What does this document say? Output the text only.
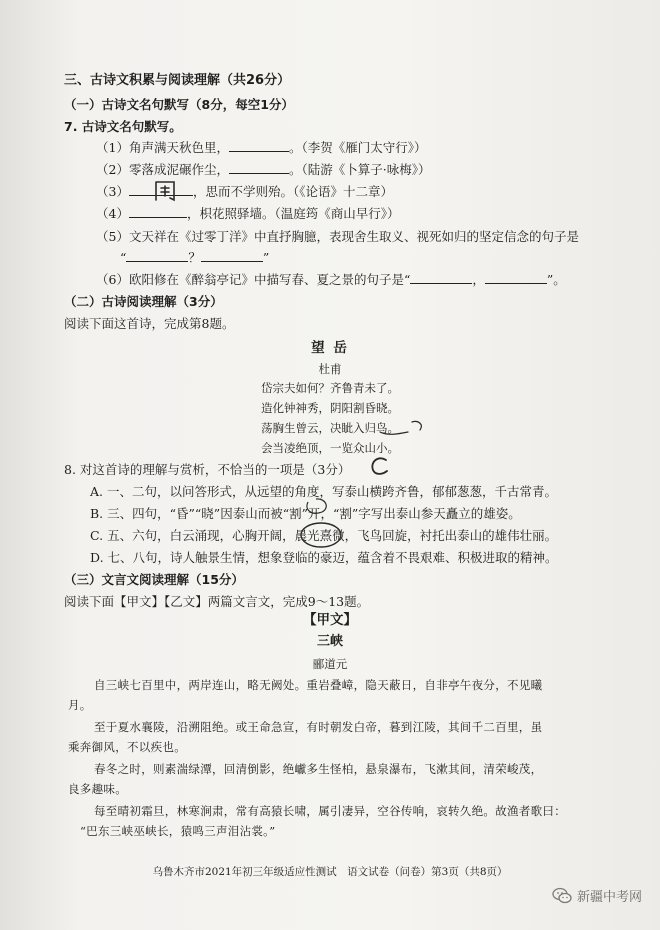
三、古诗文积累与阅读理解（共26分）
（一）古诗文名句默写（8分，每空1分）
7. 古诗文名句默写。
（1）角声满天秋色里，	。（李贺《雁门太守行》）
（2）零落成泥碾作尘，	。（陆游《卜算子·咏梅》）
（3）	，思而不学则殆。（《论语》十二章）
（4）	，枳花照驿墙。（温庭筠《商山早行》）
（5）文天祥在《过零丁洋》中直抒胸臆，表现舍生取义、视死如归的坚定信念的句子是
“	？	”
（6）欧阳修在《醉翁亭记》中描写春、夏之景的句子是“	，	”。
（二）古诗阅读理解（3分）
阅读下面这首诗，完成第8题。
望 岳
杜甫
岱宗夫如何？齐鲁青未了。
造化钟神秀，阴阳割昏晓。
荡胸生曾云，决眦入归鸟。
会当凌绝顶，一览众山小。
8. 对这首诗的理解与赏析，不恰当的一项是（3分）
A. 一、二句，以问答形式，从远望的角度，写泰山横跨齐鲁，郁郁葱葱，千古常青。
B. 三、四句，“昏”“晓”因泰山而被“割”开，“割”字写出泰山参天矗立的雄姿。
C. 五、六句，白云涌现，心胸开阔，晨光熹微，飞鸟回旋，衬托出泰山的雄伟壮丽。
D. 七、八句，诗人触景生情，想象登临的豪迈，蕴含着不畏艰难、积极进取的精神。
（三）文言文阅读理解（15分）
阅读下面【甲文】【乙文】两篇文言文，完成9～13题。
【甲文】
三峡
郦道元
自三峡七百里中，两岸连山，略无阙处。重岩叠嶂，隐天蔽日，自非亭午夜分，不见曦
月。
至于夏水襄陵，沿溯阻绝。或王命急宣，有时朝发白帝，暮到江陵，其间千二百里，虽
乘奔御风，不以疾也。
春冬之时，则素湍绿潭，回清倒影，绝巘多生怪柏，悬泉瀑布，飞漱其间，清荣峻茂，
良多趣味。
每至晴初霜旦，林寒涧肃，常有高猿长啸，属引凄异，空谷传响，哀转久绝。故渔者歌曰：
“巴东三峡巫峡长，猿鸣三声泪沾裳。”
乌鲁木齐市2021年初三年级适应性测试　语文试卷（问卷）第3页（共8页）
新疆中考网
